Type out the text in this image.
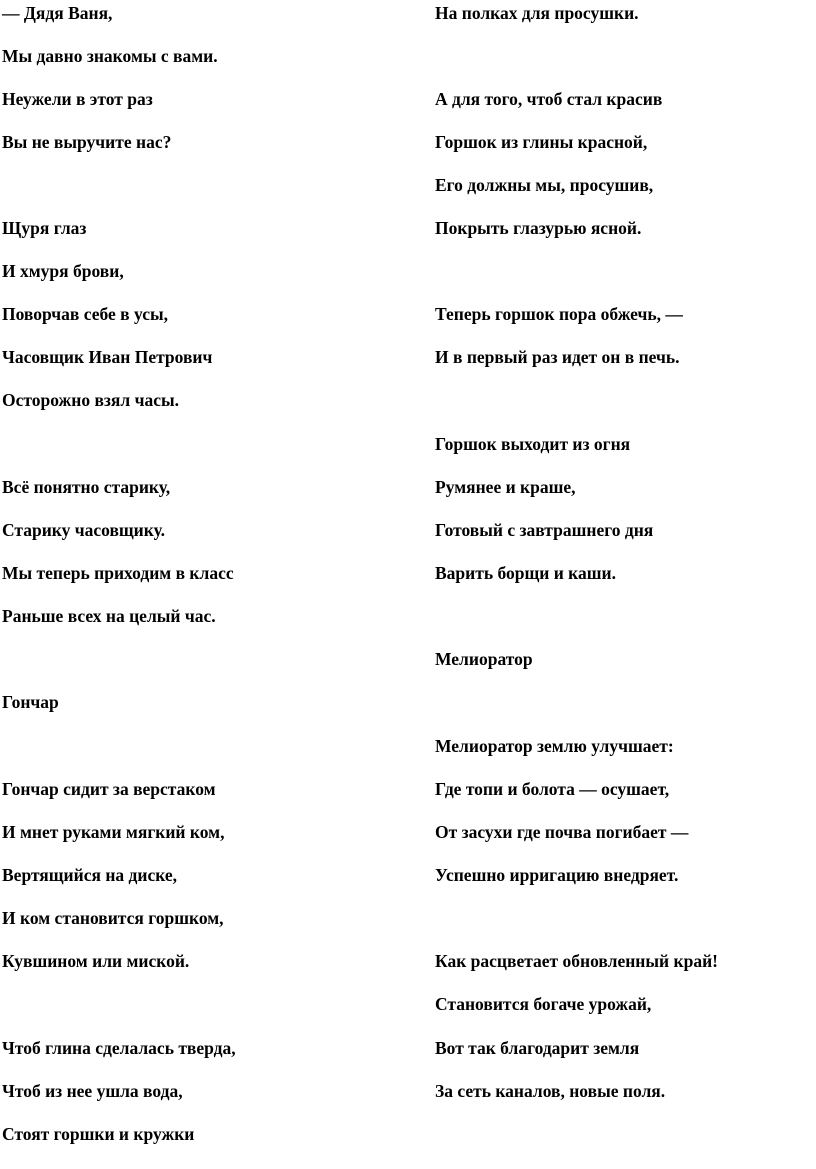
— Дядя Ваня,
Мы давно знакомы с вами.
Неужели в этот раз
Вы не выручите нас?
Щуря глаз
И хмуря брови,
Поворчав себе в усы,
Часовщик Иван Петрович
Осторожно взял часы.
Всё понятно старику,
Старику часовщику.
Мы теперь приходим в класс
Раньше всех на целый час.
Гончар
Гончар сидит за верстаком
И мнет руками мягкий ком,
Вертящийся на диске,
И ком становится горшком,
Кувшином или миской.
Чтоб глина сделалась тверда,
Чтоб из нее ушла вода,
Стоят горшки и кружки
На полках для просушки.
А для того, чтоб стал красив
Горшок из глины красной,
Его должны мы, просушив,
Покрыть глазурью ясной.
Теперь горшок пора обжечь, —
И в первый раз идет он в печь.
Горшок выходит из огня
Румянее и краше,
Готовый с завтрашнего дня
Варить борщи и каши.
Мелиоратор
Мелиоратор землю улучшает:
Где топи и болота — осушает,
От засухи где почва погибает —
Успешно ирригацию внедряет.
Как расцветает обновленный край!
Становится богаче урожай,
Вот так благодарит земля
За сеть каналов, новые поля.
